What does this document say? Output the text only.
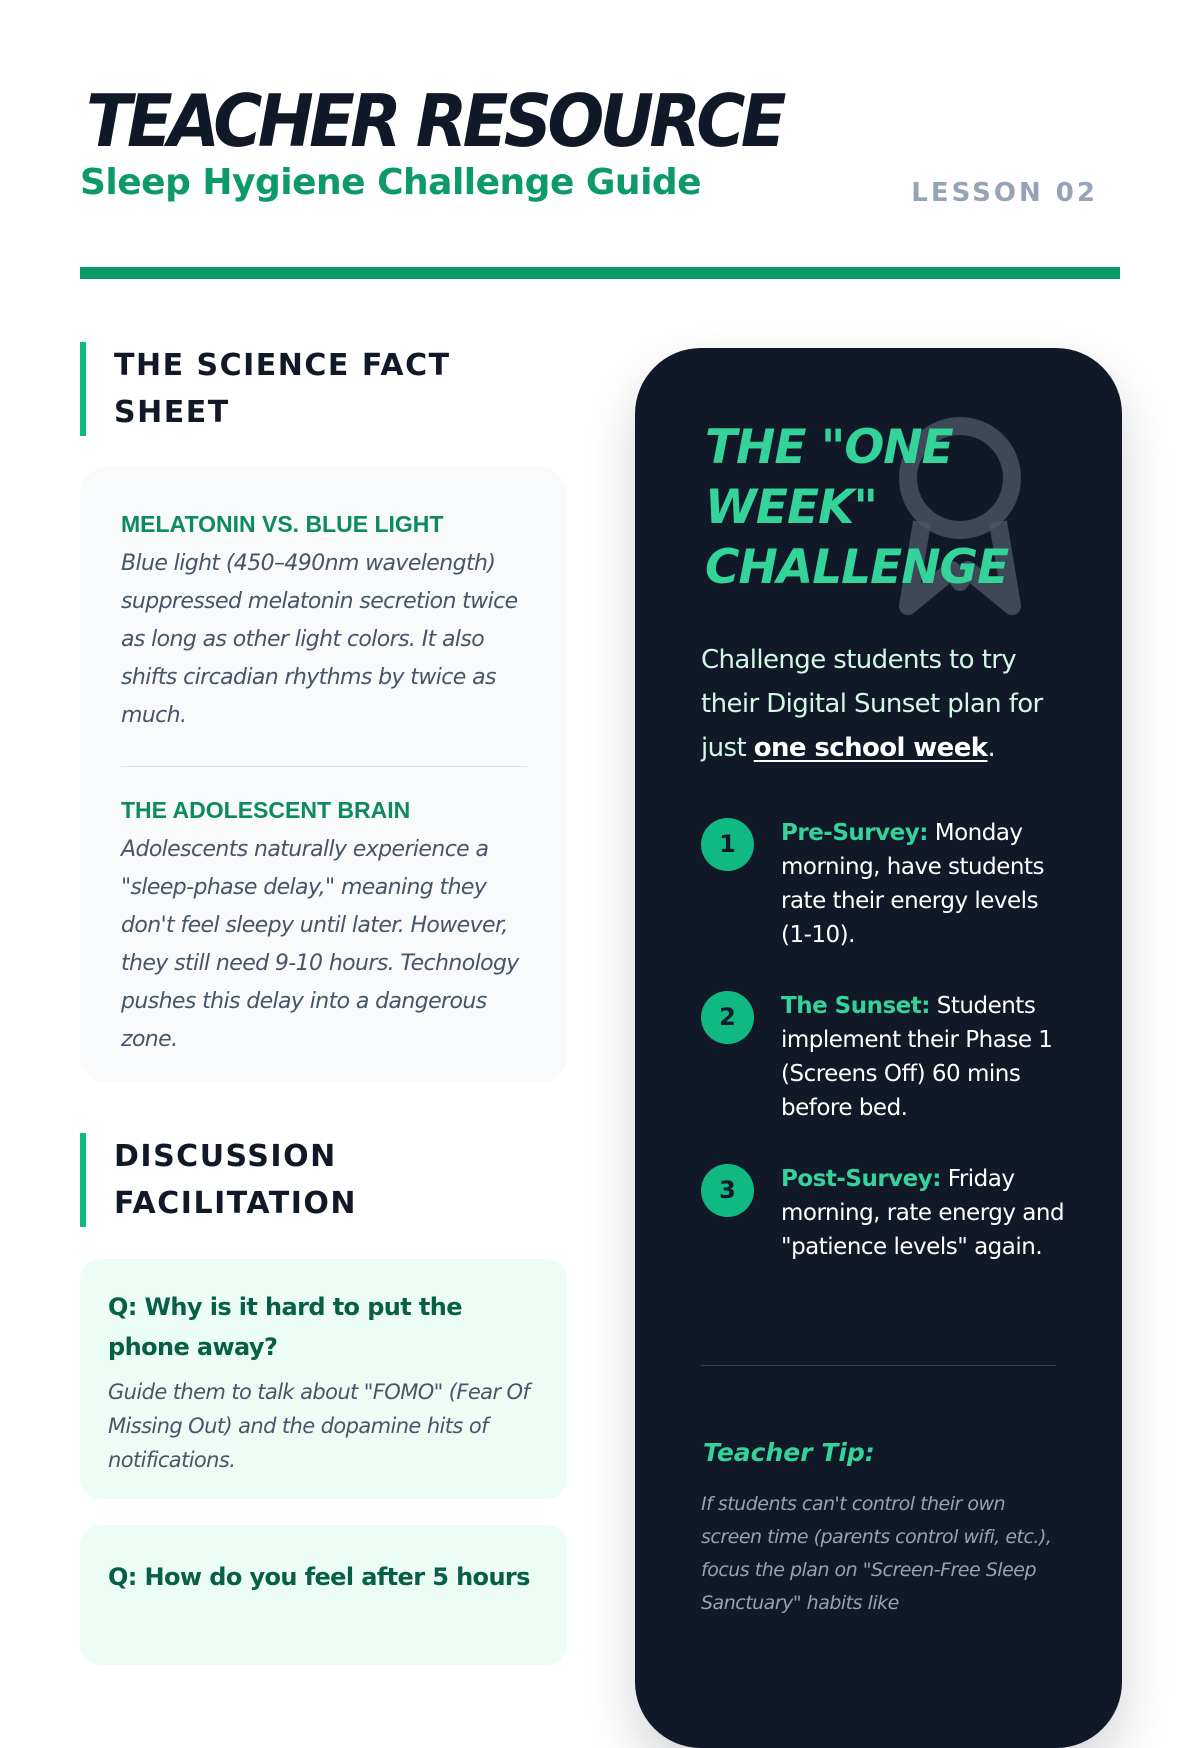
TEACHER RESOURCE
Sleep Hygiene Challenge Guide	LESSON 02
THE SCIENCE FACT SHEET
MELATONIN VS. BLUE LIGHT
Blue light (450–490nm wavelength) suppressed melatonin secretion twice as long as other light colors. It also shifts circadian rhythms by twice as much.
THE ADOLESCENT BRAIN
Adolescents naturally experience a "sleep-phase delay," meaning they don't feel sleepy until later. However, they still need 9-10 hours. Technology pushes this delay into a dangerous zone.
DISCUSSION FACILITATION
Q: Why is it hard to put the phone away?
Guide them to talk about "FOMO" (Fear Of Missing Out) and the dopamine hits of notifications.
Q: How do you feel after 5 hours
THE "ONE WEEK" CHALLENGE
Challenge students to try their Digital Sunset plan for just one school week.
1	Pre-Survey: Monday morning, have students rate their energy levels (1-10).
2	The Sunset: Students implement their Phase 1 (Screens Off) 60 mins before bed.
3	Post-Survey: Friday morning, rate energy and "patience levels" again.
Teacher Tip:
If students can't control their own screen time (parents control wifi, etc.), focus the plan on "Screen-Free Sleep Sanctuary" habits like
